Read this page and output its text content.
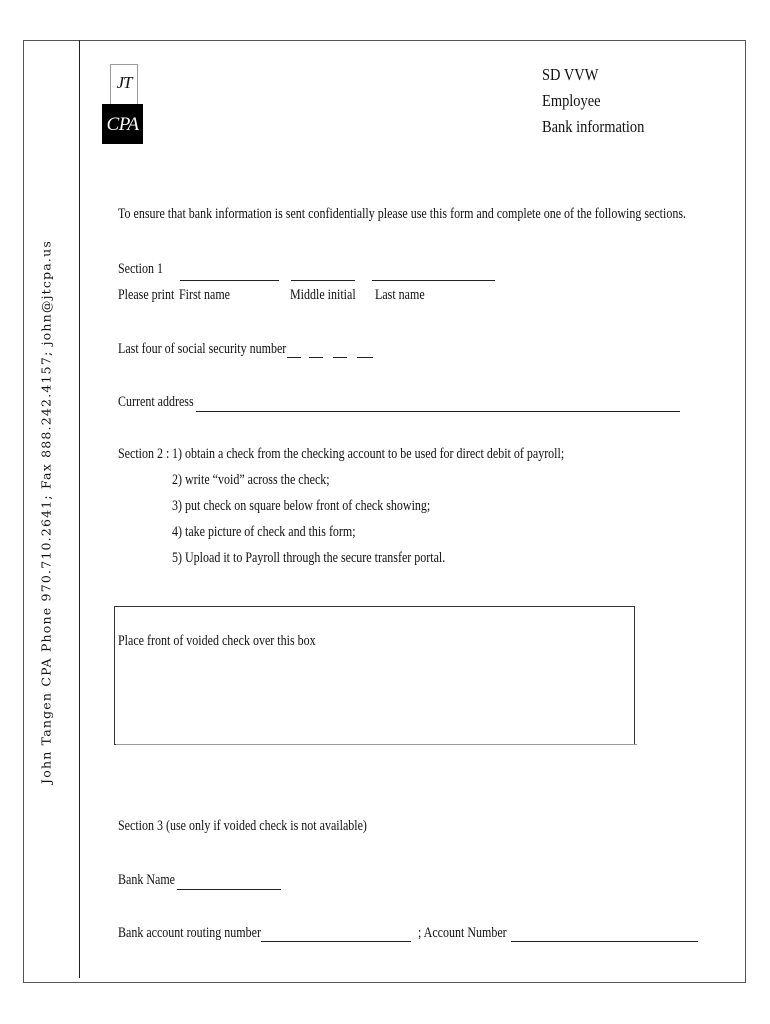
John Tangen CPA Phone 970.710.2641; Fax 888.242.4157; john@jtcpa.us
JT
CPA
SD VVW
Employee
Bank information
To ensure that bank information is sent confidentially please use this form and complete one of the following sections.
Section 1
Please print First name	Middle initial Last name
Last four of social security number
Current address
Section 2 : 1) obtain a check from the checking account to be used for direct debit of payroll;
2) write “void” across the check;
3) put check on square below front of check showing;
4) take picture of check and this form;
5) Upload it to Payroll through the secure transfer portal.
Place front of voided check over this box
Section 3 (use only if voided check is not available)
Bank Name
Bank account routing number	; Account Number
